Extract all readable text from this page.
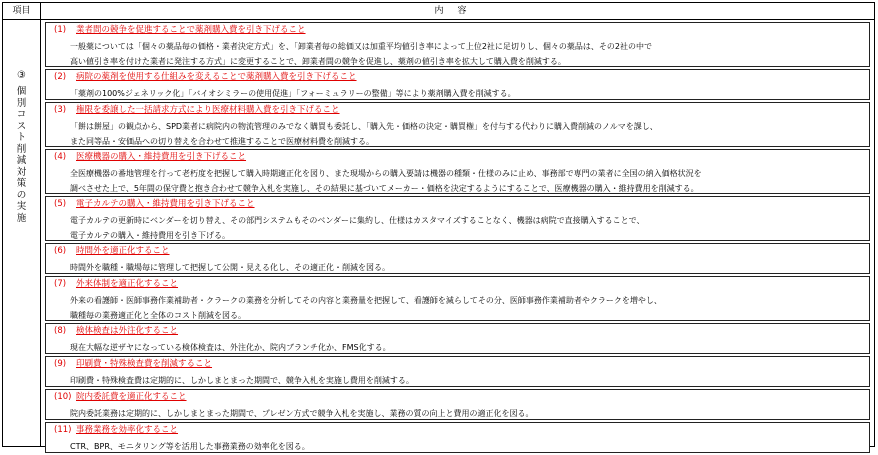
項目	内容
③
個
別
コ
ス
ト
削
減
対
策
の
実
施
(1) 業者間の競争を促進することで薬剤購入費を引き下げること
一般薬については「個々の薬品毎の価格・業者決定方式」を、「卸業者毎の総価又は加重平均値引き率によって上位2社に足切りし、個々の薬品は、その2社の中で
高い値引き率を付けた業者に発注する方式」に変更することで、卸業者間の競争を促進し、薬剤の値引き率を拡大して購入費を削減する。
(2) 病院の薬剤を使用する仕組みを変えることで薬剤購入費を引き下げること
「薬剤の100%ジェネリック化」「バイオシミラーの使用促進」「フォーミュラリーの整備」等により薬剤購入費を削減する。
(3) 権限を委譲した一括請求方式により医療材料購入費を引き下げること
「餅は餅屋」の観点から、SPD業者に病院内の物流管理のみでなく購買も委託し、「購入先・価格の決定・購買権」を付与する代わりに購入費削減のノルマを課し、
また同等品・安価品への切り替えを合わせて推進することで医療材料費を削減する。
(4) 医療機器の購入・維持費用を引き下げること
全医療機器の番地管理を行って老朽度を把握して購入時期適正化を図り、また現場からの購入要請は機器の種類・仕様のみに止め、事務部で専門の業者に全国の納入価格状況を
調べさせた上で、5年間の保守費と抱き合わせて競争入札を実施し、その結果に基づいてメーカー・価格を決定するようにすることで、医療機器の購入・維持費用を削減する。
(5) 電子カルテの購入・維持費用を引き下げること
電子カルテの更新時にベンダーを切り替え、その部門システムもそのベンダーに集約し、仕様はカスタマイズすることなく、機器は病院で直接購入することで、
電子カルテの購入・維持費用を引き下げる。
(6) 時間外を適正化すること
時間外を職種・職場毎に管理して把握して公開・見える化し、その適正化・削減を図る。
(7) 外来体制を適正化すること
外来の看護師・医師事務作業補助者・クラークの業務を分析してその内容と業務量を把握して、看護師を減らしてその分、医師事務作業補助者やクラークを増やし、
職種毎の業務適正化と全体のコスト削減を図る。
(8) 検体検査は外注化すること
現在大幅な逆ザヤになっている検体検査は、外注化か、院内ブランチ化か、FMS化する。
(9) 印刷費・特殊検査費を削減すること
印刷費・特殊検査費は定期的に、しかしまとまった期間で、競争入札を実施し費用を削減する。
(10) 院内委託費を適正化すること
院内委託業務は定期的に、しかしまとまった期間で、プレゼン方式で競争入札を実施し、業務の質の向上と費用の適正化を図る。
(11) 事務業務を効率化すること
CTR、BPR、モニタリング等を活用した事務業務の効率化を図る。
